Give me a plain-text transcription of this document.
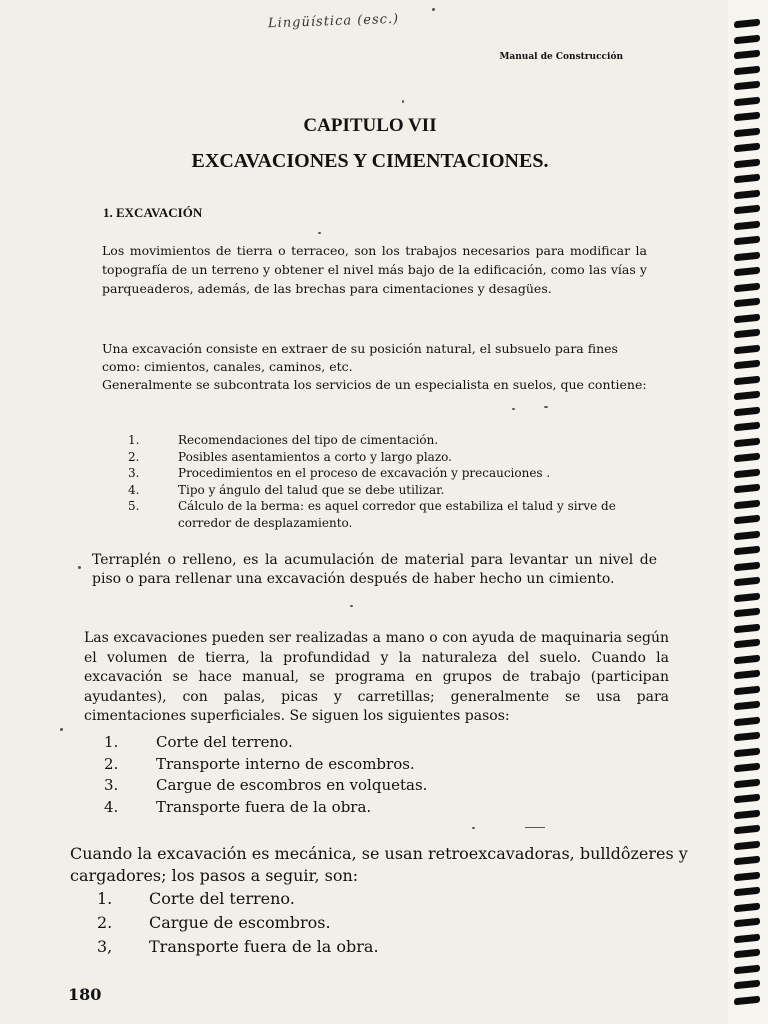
Lingüística (esc.)
Manual de Construcción
CAPITULO VII
EXCAVACIONES Y CIMENTACIONES.
1. EXCAVACIÓN

Los movimientos de tierra o terraceo, son los trabajos necesarios para modificar la topografía de un terreno y obtener el nivel más bajo de la edificación, como las vías y parqueaderos, además, de las brechas para cimentaciones y desagües.

Una excavación consiste en extraer de su posición natural, el subsuelo para fines como: cimientos, canales, caminos, etc.
Generalmente se subcontrata los servicios de un especialista en suelos, que contiene:
1.	Recomendaciones del tipo de cimentación.
2.	Posibles asentamientos a corto y largo plazo.
3.	Procedimientos en el proceso de excavación y precauciones .
4.	Tipo y ángulo del talud que se debe utilizar.
5.	Cálculo de la berma: es aquel corredor que estabiliza el talud y sirve de corredor de desplazamiento.

Terraplén o relleno, es la acumulación de material para levantar un nivel de piso o para rellenar una excavación después de haber hecho un cimiento.

Las excavaciones pueden ser realizadas a mano o con ayuda de maquinaria según el volumen de tierra, la profundidad y la naturaleza del suelo. Cuando la excavación se hace manual, se programa en grupos de trabajo (participan ayudantes), con palas, picas y carretillas; generalmente se usa para cimentaciones superficiales. Se siguen los siguientes pasos:

1.	Corte del terreno.
2.	Transporte interno de escombros.
3.	Cargue de escombros en volquetas.
4.	Transporte fuera de la obra.

Cuando la excavación es mecánica, se usan retroexcavadoras, bulldôzeres y cargadores; los pasos a seguir, son:

1.	Corte del terreno.
2.	Cargue de escombros.
3,	Transporte fuera de la obra.
180
